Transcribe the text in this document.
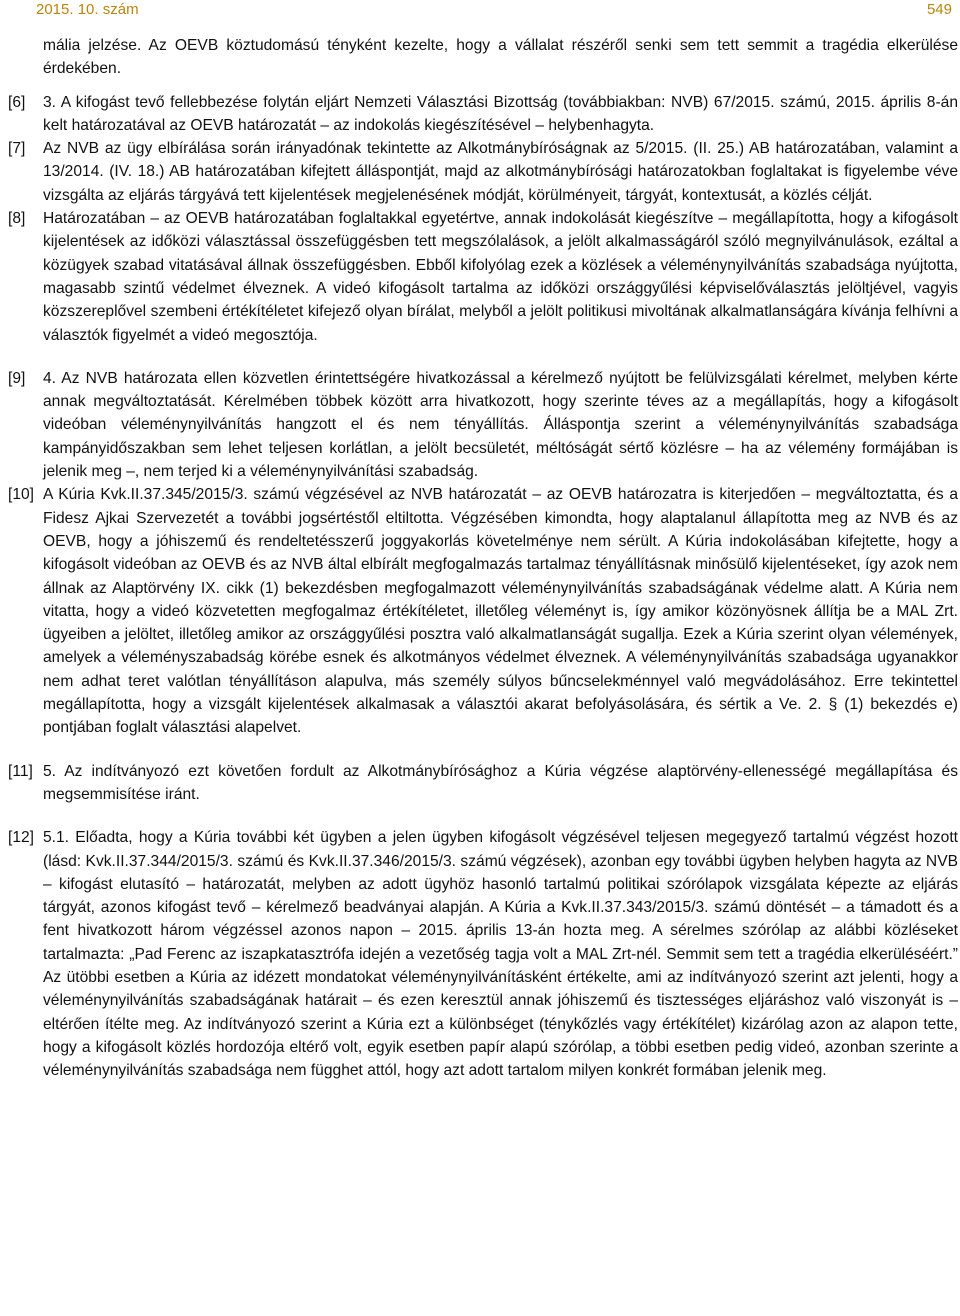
2015. 10. szám	549
mália jelzése. Az OEVB köztudomású tényként kezelte, hogy a vállalat részéről senki sem tett semmit a tragédia elkerülése érdekében.
[6]	3. A kifogást tevő fellebbezése folytán eljárt Nemzeti Választási Bizottság (továbbiakban: NVB) 67/2015. számú, 2015. április 8-án kelt határozatával az OEVB határozatát – az indokolás kiegészítésével – helybenhagyta.
[7]	Az NVB az ügy elbírálása során irányadónak tekintette az Alkotmánybíróságnak az 5/2015. (II. 25.) AB határozatában, valamint a 13/2014. (IV. 18.) AB határozatában kifejtett álláspontját, majd az alkotmánybírósági határozatokban foglaltakat is figyelembe véve vizsgálta az eljárás tárgyává tett kijelentések megjelenésének módját, körülményeit, tárgyát, kontextusát, a közlés célját.
[8]	Határozatában – az OEVB határozatában foglaltakkal egyetértve, annak indokolását kiegészítve – megállapította, hogy a kifogásolt kijelentések az időközi választással összefüggésben tett megszólalások, a jelölt alkalmasságáról szóló megnyilvánulások, ezáltal a közügyek szabad vitatásával állnak összefüggésben. Ebből kifolyólag ezek a közlések a véleménynyilvánítás szabadsága nyújtotta, magasabb szintű védelmet élveznek. A videó kifogásolt tartalma az időközi országgyűlési képviselőválasztás jelöltjével, vagyis közszereplővel szembeni értékítéletet kifejező olyan bírálat, melyből a jelölt politikusi mivoltának alkalmatlanságára kívánja felhívni a választók figyelmét a videó megosztója.
[9]	4. Az NVB határozata ellen közvetlen érintettségére hivatkozással a kérelmező nyújtott be felülvizsgálati kérelmet, melyben kérte annak megváltoztatását. Kérelmében többek között arra hivatkozott, hogy szerinte téves az a megállapítás, hogy a kifogásolt videóban véleménynyilvánítás hangzott el és nem tényállítás. Álláspontja szerint a véleménynyilvánítás szabadsága kampányidőszakban sem lehet teljesen korlátlan, a jelölt becsületét, méltóságát sértő közlésre – ha az vélemény formájában is jelenik meg –, nem terjed ki a véleménynyilvánítási szabadság.
[10] A Kúria Kvk.II.37.345/2015/3. számú végzésével az NVB határozatát – az OEVB határozatra is kiterjedően – megváltoztatta, és a Fidesz Ajkai Szervezetét a további jogsértéstől eltiltotta. Végzésében kimondta, hogy alaptalanul állapította meg az NVB és az OEVB, hogy a jóhiszemű és rendeltetésszerű joggyakorlás követelménye nem sérült. A Kúria indokolásában kifejtette, hogy a kifogásolt videóban az OEVB és az NVB által elbírált megfogalmazás tartalmaz tényállításnak minősülő kijelentéseket, így azok nem állnak az Alaptörvény IX. cikk (1) bekezdésben megfogalmazott véleménynyilvánítás szabadságának védelme alatt. A Kúria nem vitatta, hogy a videó közvetetten megfogalmaz értékítéletet, illetőleg véleményt is, így amikor közönyösnek állítja be a MAL Zrt. ügyeiben a jelöltet, illetőleg amikor az országgyűlési posztra való alkalmatlanságát sugallja. Ezek a Kúria szerint olyan vélemények, amelyek a véleményszabadság körébe esnek és alkotmányos védelmet élveznek. A véleménynyilvánítás szabadsága ugyanakkor nem adhat teret valótlan tényállításon alapulva, más személy súlyos bűncselekménnyel való megvádolásához. Erre tekintettel megállapította, hogy a vizsgált kijelentések alkalmasak a választói akarat befolyásolására, és sértik a Ve. 2. § (1) bekezdés e) pontjában foglalt választási alapelvet.
[11] 5. Az indítványozó ezt követően fordult az Alkotmánybírósághoz a Kúria végzése alaptörvény-ellenességé megállapítása és megsemmisítése iránt.
[12] 5.1. Előadta, hogy a Kúria további két ügyben a jelen ügyben kifogásolt végzésével teljesen megegyező tartalmú végzést hozott (lásd: Kvk.II.37.344/2015/3. számú és Kvk.II.37.346/2015/3. számú végzések), azonban egy további ügyben helyben hagyta az NVB – kifogást elutasító – határozatát, melyben az adott ügyhöz hasonló tartalmú politikai szórólapok vizsgálata képezte az eljárás tárgyát, azonos kifogást tevő – kérelmező beadványai alapján. A Kúria a Kvk.II.37.343/2015/3. számú döntését – a támadott és a fent hivatkozott három végzéssel azonos napon – 2015. április 13-án hozta meg. A sérelmes szórólap az alábbi közléseket tartalmazta: „Pad Ferenc az iszapkatasztrófa idején a vezetőség tagja volt a MAL Zrt-nél. Semmit sem tett a tragédia elkerüléséért.” Az ütöbbi esetben a Kúria az idézett mondatokat véleménynyilvánításként értékelte, ami az indítványozó szerint azt jelenti, hogy a véleménynyilvánítás szabadságának határait – és ezen keresztül annak jóhiszemű és tisztességes eljáráshoz való viszonyát is – eltérően ítélte meg. Az indítványozó szerint a Kúria ezt a különbséget (ténykőzlés vagy értékítélet) kizárólag azon az alapon tette, hogy a kifogásolt közlés hordozója eltérő volt, egyik esetben papír alapú szórólap, a többi esetben pedig videó, azonban szerinte a véleménynyilvánítás szabadsága nem függhet attól, hogy azt adott tartalom milyen konkrét formában jelenik meg.
